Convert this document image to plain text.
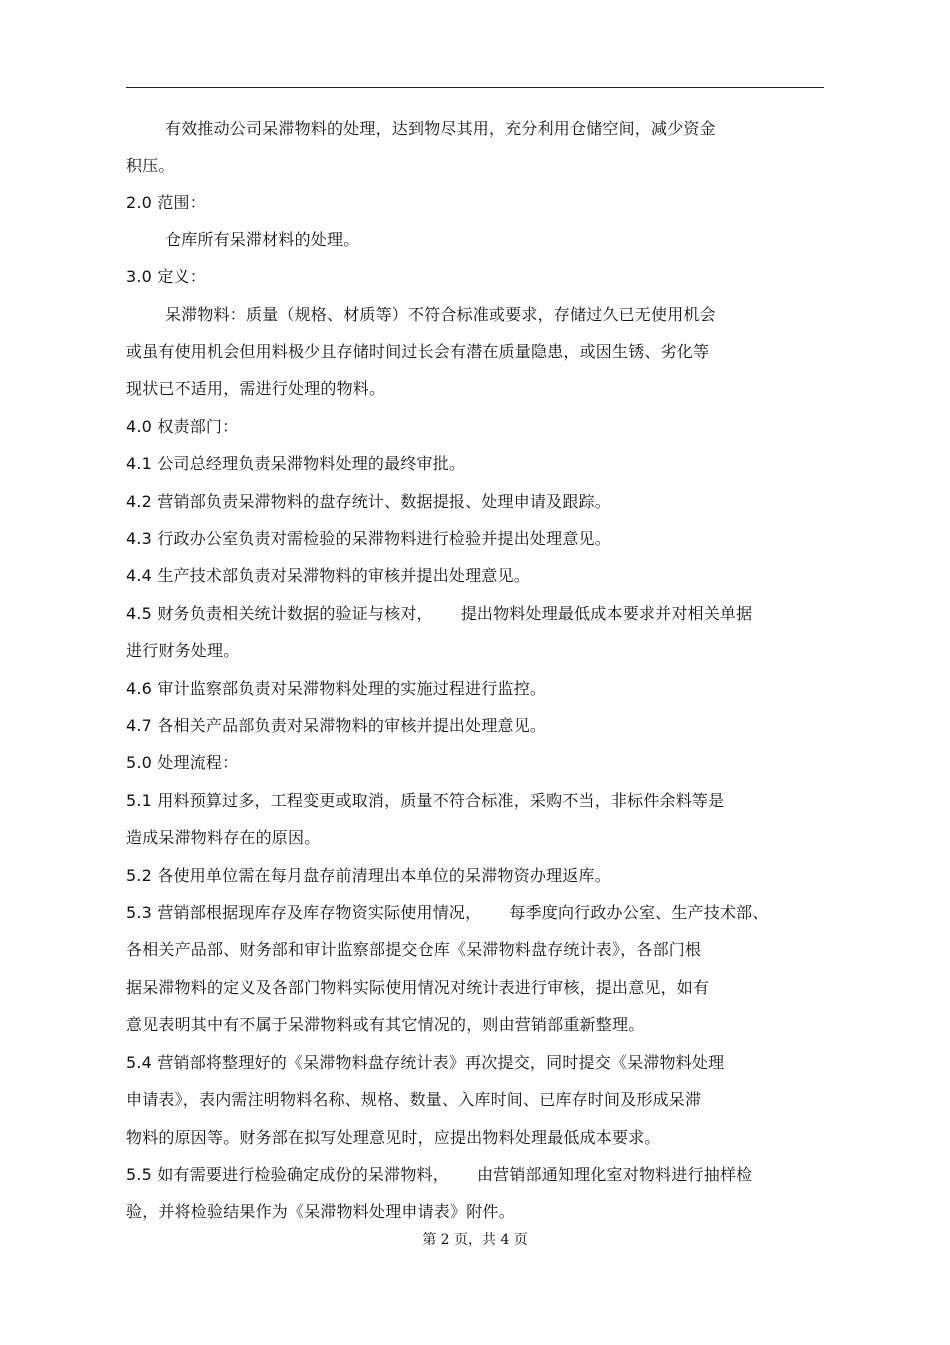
有效推动公司呆滞物料的处理，达到物尽其用，充分利用仓储空间，减少资金
积压。
2.0 范围：
仓库所有呆滞材料的处理。
3.0 定义：
呆滞物料：质量（规格、材质等）不符合标准或要求，存储过久已无使用机会
或虽有使用机会但用料极少且存储时间过长会有潜在质量隐患，或因生锈、劣化等
现状已不适用，需进行处理的物料。
4.0 权责部门：
4.1 公司总经理负责呆滞物料处理的最终审批。
4.2 营销部负责呆滞物料的盘存统计、数据提报、处理申请及跟踪。
4.3 行政办公室负责对需检验的呆滞物料进行检验并提出处理意见。
4.4 生产技术部负责对呆滞物料的审核并提出处理意见。
4.5 财务负责相关统计数据的验证与核对， 提出物料处理最低成本要求并对相关单据
进行财务处理。
4.6 审计监察部负责对呆滞物料处理的实施过程进行监控。
4.7 各相关产品部负责对呆滞物料的审核并提出处理意见。
5.0 处理流程：
5.1 用料预算过多，工程变更或取消，质量不符合标准，采购不当，非标件余料等是
造成呆滞物料存在的原因。
5.2 各使用单位需在每月盘存前清理出本单位的呆滞物资办理返库。
5.3 营销部根据现库存及库存物资实际使用情况， 每季度向行政办公室、生产技术部、
各相关产品部、财务部和审计监察部提交仓库《呆滞物料盘存统计表》，各部门根
据呆滞物料的定义及各部门物料实际使用情况对统计表进行审核，提出意见，如有
意见表明其中有不属于呆滞物料或有其它情况的，则由营销部重新整理。
5.4 营销部将整理好的《呆滞物料盘存统计表》再次提交，同时提交《呆滞物料处理
申请表》，表内需注明物料名称、规格、数量、入库时间、已库存时间及形成呆滞
物料的原因等。财务部在拟写处理意见时，应提出物料处理最低成本要求。
5.5 如有需要进行检验确定成份的呆滞物料， 由营销部通知理化室对物料进行抽样检
验，并将检验结果作为《呆滞物料处理申请表》附件。
第 2 页，共 4 页
